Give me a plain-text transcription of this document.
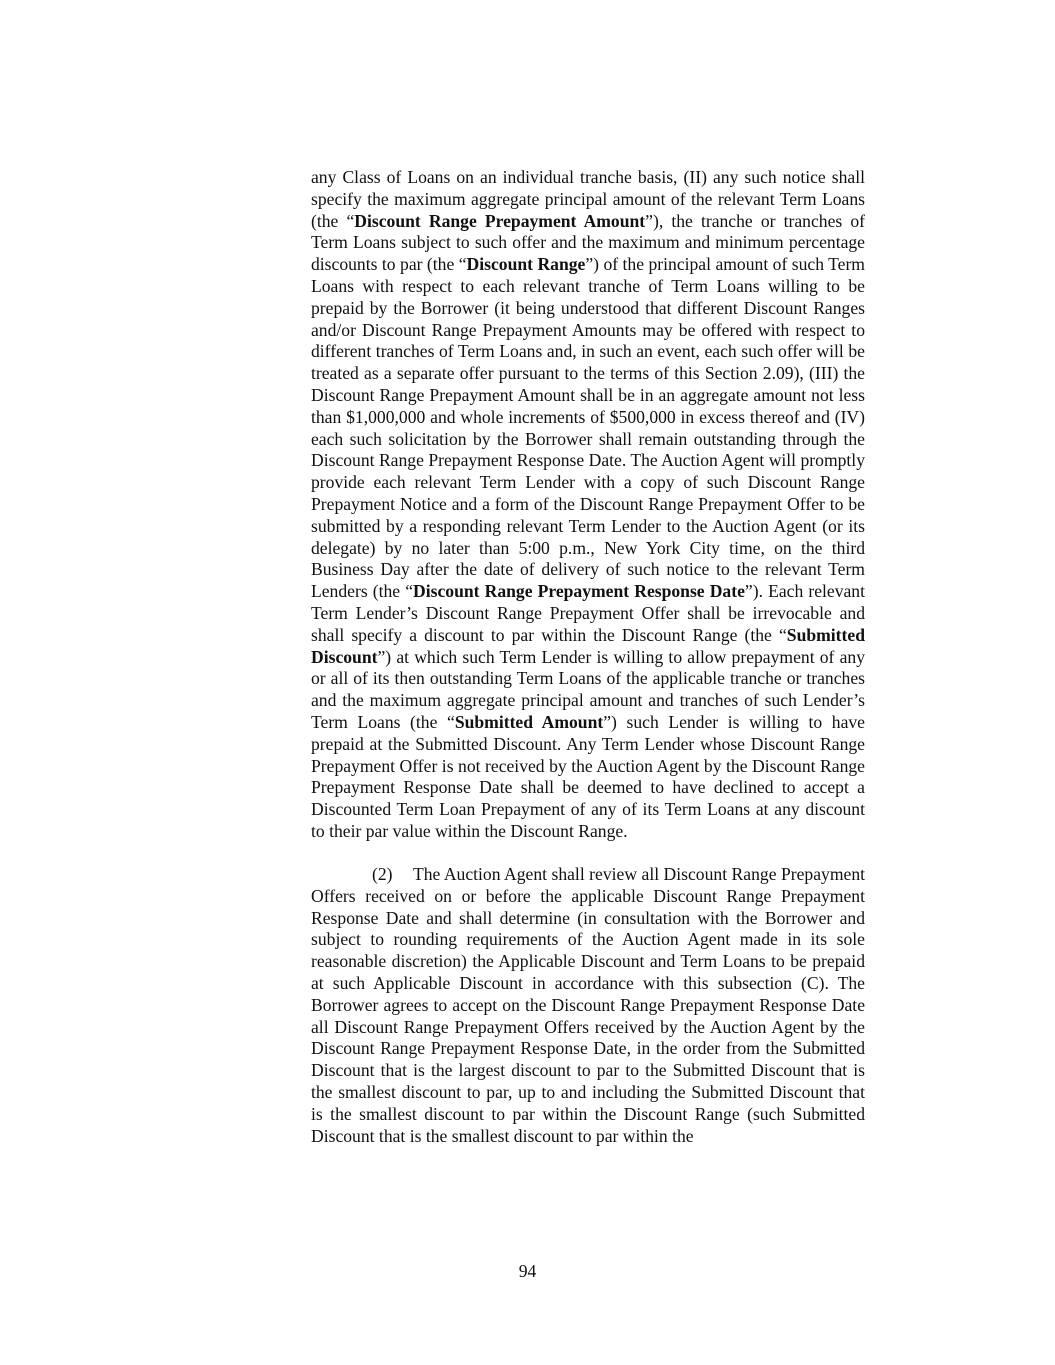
any Class of Loans on an individual tranche basis, (II) any such notice shall specify the maximum aggregate principal amount of the relevant Term Loans (the “Discount Range Prepayment Amount”), the tranche or tranches of Term Loans subject to such offer and the maximum and minimum percentage discounts to par (the “Discount Range”) of the principal amount of such Term Loans with respect to each relevant tranche of Term Loans willing to be prepaid by the Borrower (it being understood that different Discount Ranges and/or Discount Range Prepayment Amounts may be offered with respect to different tranches of Term Loans and, in such an event, each such offer will be treated as a separate offer pursuant to the terms of this Section 2.09), (III) the Discount Range Prepayment Amount shall be in an aggregate amount not less than $1,000,000 and whole increments of $500,000 in excess thereof and (IV) each such solicitation by the Borrower shall remain outstanding through the Discount Range Prepayment Response Date. The Auction Agent will promptly provide each relevant Term Lender with a copy of such Discount Range Prepayment Notice and a form of the Discount Range Prepayment Offer to be submitted by a responding relevant Term Lender to the Auction Agent (or its delegate) by no later than 5:00 p.m., New York City time, on the third Business Day after the date of delivery of such notice to the relevant Term Lenders (the “Discount Range Prepayment Response Date”). Each relevant Term Lender’s Discount Range Prepayment Offer shall be irrevocable and shall specify a discount to par within the Discount Range (the “Submitted Discount”) at which such Term Lender is willing to allow prepayment of any or all of its then outstanding Term Loans of the applicable tranche or tranches and the maximum aggregate principal amount and tranches of such Lender’s Term Loans (the “Submitted Amount”) such Lender is willing to have prepaid at the Submitted Discount. Any Term Lender whose Discount Range Prepayment Offer is not received by the Auction Agent by the Discount Range Prepayment Response Date shall be deemed to have declined to accept a Discounted Term Loan Prepayment of any of its Term Loans at any discount to their par value within the Discount Range.

(2) The Auction Agent shall review all Discount Range Prepayment Offers received on or before the applicable Discount Range Prepayment Response Date and shall determine (in consultation with the Borrower and subject to rounding requirements of the Auction Agent made in its sole reasonable discretion) the Applicable Discount and Term Loans to be prepaid at such Applicable Discount in accordance with this subsection (C). The Borrower agrees to accept on the Discount Range Prepayment Response Date all Discount Range Prepayment Offers received by the Auction Agent by the Discount Range Prepayment Response Date, in the order from the Submitted Discount that is the largest discount to par to the Submitted Discount that is the smallest discount to par, up to and including the Submitted Discount that is the smallest discount to par within the Discount Range (such Submitted Discount that is the smallest discount to par within the

94
